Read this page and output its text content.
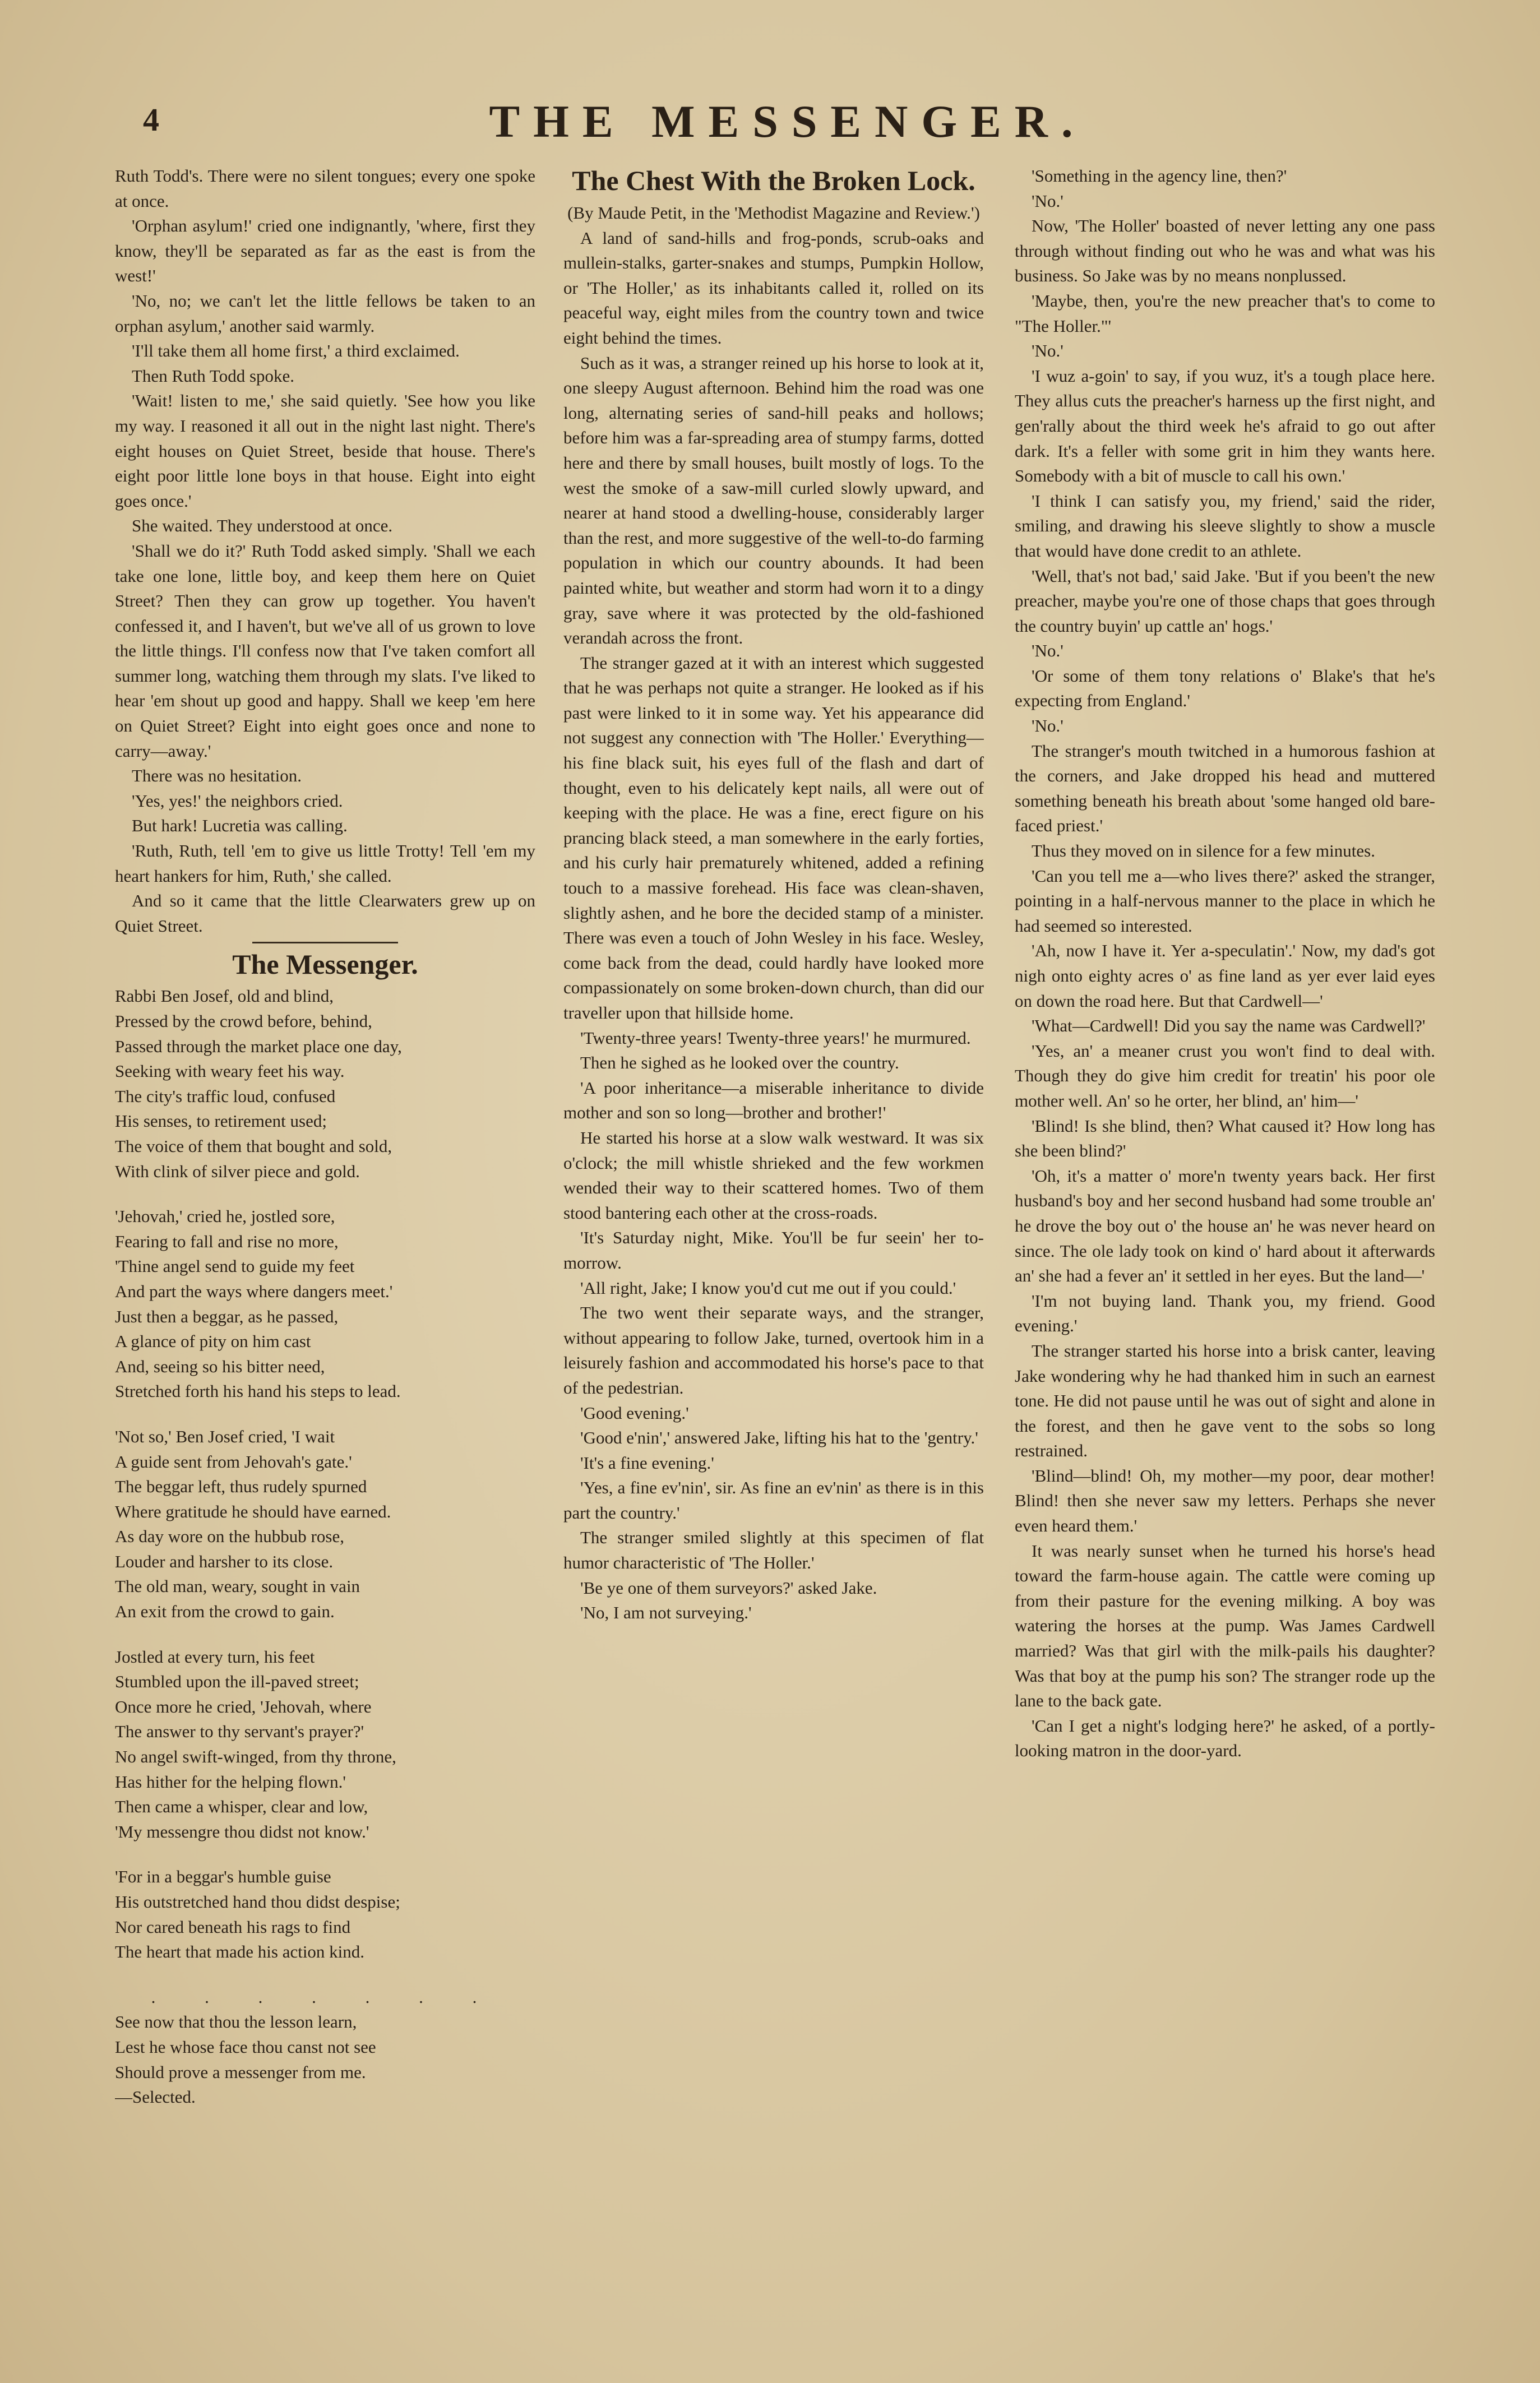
4	THE MESSENGER.

Ruth Todd's. There were no silent tongues; every one spoke at once.

'Orphan asylum!' cried one indignantly, 'where, first they know, they'll be separated as far as the east is from the west!'

'No, no; we can't let the little fellows be taken to an orphan asylum,' another said warmly.

'I'll take them all home first,' a third exclaimed.

Then Ruth Todd spoke.

'Wait! listen to me,' she said quietly. 'See how you like my way. I reasoned it all out in the night last night. There's eight houses on Quiet Street, beside that house. There's eight poor little lone boys in that house. Eight into eight goes once.'

She waited. They understood at once.

'Shall we do it?' Ruth Todd asked simply. 'Shall we each take one lone, little boy, and keep them here on Quiet Street? Then they can grow up together. You haven't confessed it, and I haven't, but we've all of us grown to love the little things. I'll confess now that I've taken comfort all summer long, watching them through my slats. I've liked to hear 'em shout up good and happy. Shall we keep 'em here on Quiet Street? Eight into eight goes once and none to carry—away.'

There was no hesitation.

'Yes, yes!' the neighbors cried.

But hark! Lucretia was calling.

'Ruth, Ruth, tell 'em to give us little Trotty! Tell 'em my heart hankers for him, Ruth,' she called.

And so it came that the little Clearwaters grew up on Quiet Street.

The Messenger.
Rabbi Ben Josef, old and blind,
Pressed by the crowd before, behind,
Passed through the market place one day,
Seeking with weary feet his way.
The city's traffic loud, confused
His senses, to retirement used;
The voice of them that bought and sold,
With clink of silver piece and gold.
'Jehovah,' cried he, jostled sore,
Fearing to fall and rise no more,
'Thine angel send to guide my feet
And part the ways where dangers meet.'
Just then a beggar, as he passed,
A glance of pity on him cast
And, seeing so his bitter need,
Stretched forth his hand his steps to lead.
'Not so,' Ben Josef cried, 'I wait
A guide sent from Jehovah's gate.'
The beggar left, thus rudely spurned
Where gratitude he should have earned.
As day wore on the hubbub rose,
Louder and harsher to its close.
The old man, weary, sought in vain
An exit from the crowd to gain.
Jostled at every turn, his feet
Stumbled upon the ill-paved street;
Once more he cried, 'Jehovah, where
The answer to thy servant's prayer?'
No angel swift-winged, from thy throne,
Has hither for the helping flown.'
Then came a whisper, clear and low,
'My messengre thou didst not know.'
'For in a beggar's humble guise
His outstretched hand thou didst despise;
Nor cared beneath his rags to find
The heart that made his action kind.
. . . . . . .
See now that thou the lesson learn,
Lest he whose face thou canst not see
Should prove a messenger from me.
—Selected.
The Chest With the Broken Lock.

(By Maude Petit, in the 'Methodist Magazine and Review.')

A land of sand-hills and frog-ponds, scrub-oaks and mullein-stalks, garter-snakes and stumps, Pumpkin Hollow, or 'The Holler,' as its inhabitants called it, rolled on its peaceful way, eight miles from the country town and twice eight behind the times.

Such as it was, a stranger reined up his horse to look at it, one sleepy August afternoon. Behind him the road was one long, alternating series of sand-hill peaks and hollows; before him was a far-spreading area of stumpy farms, dotted here and there by small houses, built mostly of logs. To the west the smoke of a saw-mill curled slowly upward, and nearer at hand stood a dwelling-house, considerably larger than the rest, and more suggestive of the well-to-do farming population in which our country abounds. It had been painted white, but weather and storm had worn it to a dingy gray, save where it was protected by the old-fashioned verandah across the front.

The stranger gazed at it with an interest which suggested that he was perhaps not quite a stranger. He looked as if his past were linked to it in some way. Yet his appearance did not suggest any connection with 'The Holler.' Everything—his fine black suit, his eyes full of the flash and dart of thought, even to his delicately kept nails, all were out of keeping with the place. He was a fine, erect figure on his prancing black steed, a man somewhere in the early forties, and his curly hair prematurely whitened, added a refining touch to a massive forehead. His face was clean-shaven, slightly ashen, and he bore the decided stamp of a minister. There was even a touch of John Wesley in his face. Wesley, come back from the dead, could hardly have looked more compassionately on some broken-down church, than did our traveller upon that hillside home.

'Twenty-three years! Twenty-three years!' he murmured.

Then he sighed as he looked over the country.

'A poor inheritance—a miserable inheritance to divide mother and son so long—brother and brother!'

He started his horse at a slow walk westward. It was six o'clock; the mill whistle shrieked and the few workmen wended their way to their scattered homes. Two of them stood bantering each other at the cross-roads.

'It's Saturday night, Mike. You'll be fur seein' her to-morrow.

'All right, Jake; I know you'd cut me out if you could.'

The two went their separate ways, and the stranger, without appearing to follow Jake, turned, overtook him in a leisurely fashion and accommodated his horse's pace to that of the pedestrian.

'Good evening.'

'Good e'nin',' answered Jake, lifting his hat to the 'gentry.'

'It's a fine evening.'

'Yes, a fine ev'nin', sir. As fine an ev'nin' as there is in this part the country.'

The stranger smiled slightly at this specimen of flat humor characteristic of 'The Holler.'

'Be ye one of them surveyors?' asked Jake.

'No, I am not surveying.'

'Something in the agency line, then?'

'No.'

Now, 'The Holler' boasted of never letting any one pass through without finding out who he was and what was his business. So Jake was by no means nonplussed.

'Maybe, then, you're the new preacher that's to come to "The Holler."'

'No.'

'I wuz a-goin' to say, if you wuz, it's a tough place here. They allus cuts the preacher's harness up the first night, and gen'rally about the third week he's afraid to go out after dark. It's a feller with some grit in him they wants here. Somebody with a bit of muscle to call his own.'

'I think I can satisfy you, my friend,' said the rider, smiling, and drawing his sleeve slightly to show a muscle that would have done credit to an athlete.

'Well, that's not bad,' said Jake. 'But if you been't the new preacher, maybe you're one of those chaps that goes through the country buyin' up cattle an' hogs.'

'No.'

'Or some of them tony relations o' Blake's that he's expecting from England.'

'No.'

The stranger's mouth twitched in a humorous fashion at the corners, and Jake dropped his head and muttered something beneath his breath about 'some hanged old bare-faced priest.'

Thus they moved on in silence for a few minutes.

'Can you tell me a—who lives there?' asked the stranger, pointing in a half-nervous manner to the place in which he had seemed so interested.

'Ah, now I have it. Yer a-speculatin'.' Now, my dad's got nigh onto eighty acres o' as fine land as yer ever laid eyes on down the road here. But that Cardwell—'

'What—Cardwell! Did you say the name was Cardwell?'

'Yes, an' a meaner crust you won't find to deal with. Though they do give him credit for treatin' his poor ole mother well. An' so he orter, her blind, an' him—'

'Blind! Is she blind, then? What caused it? How long has she been blind?'

'Oh, it's a matter o' more'n twenty years back. Her first husband's boy and her second husband had some trouble an' he drove the boy out o' the house an' he was never heard on since. The ole lady took on kind o' hard about it afterwards an' she had a fever an' it settled in her eyes. But the land—'

'I'm not buying land. Thank you, my friend. Good evening.'

The stranger started his horse into a brisk canter, leaving Jake wondering why he had thanked him in such an earnest tone. He did not pause until he was out of sight and alone in the forest, and then he gave vent to the sobs so long restrained.

'Blind—blind! Oh, my mother—my poor, dear mother! Blind! then she never saw my letters. Perhaps she never even heard them.'

It was nearly sunset when he turned his horse's head toward the farm-house again. The cattle were coming up from their pasture for the evening milking. A boy was watering the horses at the pump. Was James Cardwell married? Was that girl with the milk-pails his daughter? Was that boy at the pump his son? The stranger rode up the lane to the back gate.

'Can I get a night's lodging here?' he asked, of a portly-looking matron in the door-yard.
